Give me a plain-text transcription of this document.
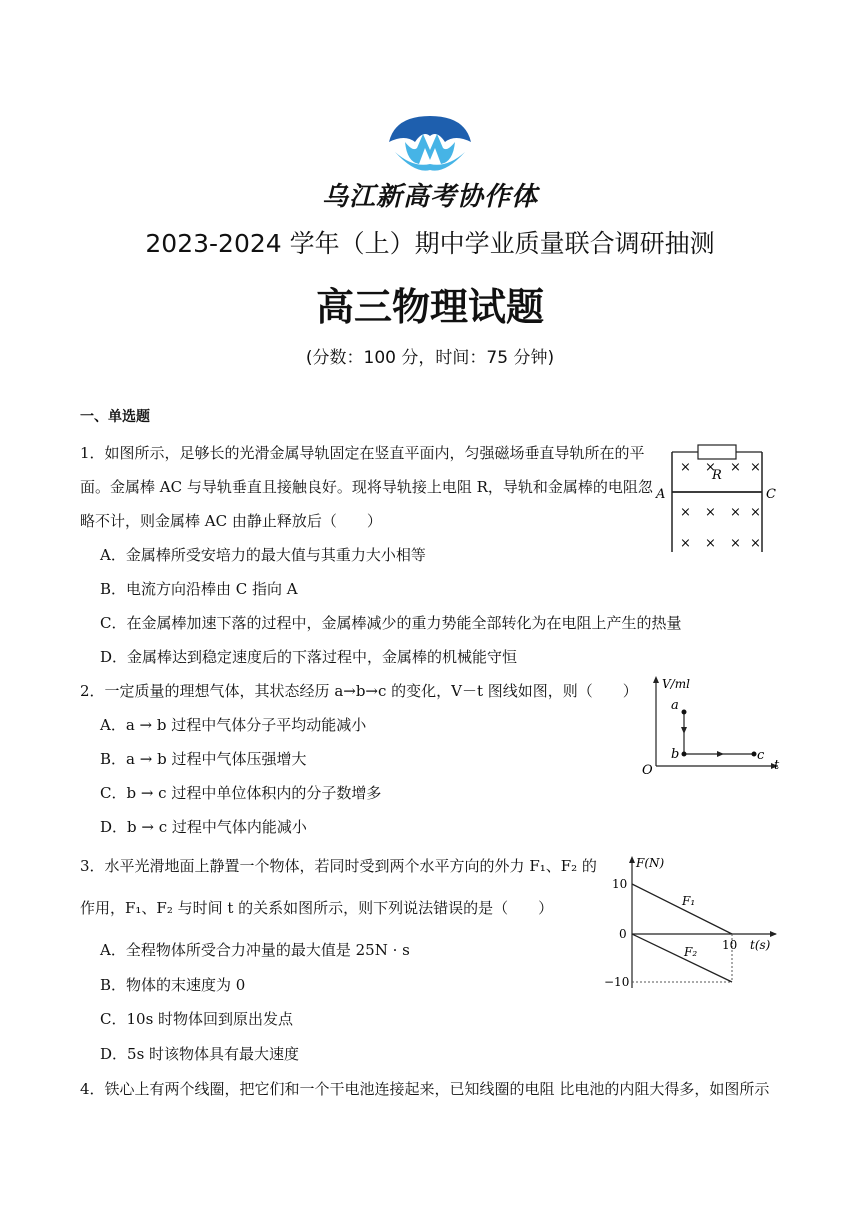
乌江新高考协作体
2023-2024 学年（上）期中学业质量联合调研抽测
高三物理试题
(分数：100 分，时间：75 分钟)
一、单选题
1．如图所示，足够长的光滑金属导轨固定在竖直平面内，匀强磁场垂直导轨所在的平
面。金属棒 AC 与导轨垂直且接触良好。现将导轨接上电阻 R，导轨和金属棒的电阻忽
略不计，则金属棒 AC 由静止释放后（　　）
A．金属棒所受安培力的最大值与其重力大小相等
B．电流方向沿棒由 C 指向 A
C．在金属棒加速下落的过程中，金属棒减少的重力势能全部转化为在电阻上产生的热量
D．金属棒达到稳定速度后的下落过程中，金属棒的机械能守恒
R
A	C
× × × ×
× × × ×
× × × ×
2．一定质量的理想气体，其状态经历 a→b→c 的变化，V－t 图线如图，则（　　）
A．a → b 过程中气体分子平均动能减小
B．a → b 过程中气体压强增大
C．b → c 过程中单位体积内的分子数增多
D．b → c 过程中气体内能减小
V/ml
t
O
a
b	c
3．水平光滑地面上静置一个物体，若同时受到两个水平方向的外力 F₁、F₂ 的
作用，F₁、F₂ 与时间 t 的关系如图所示，则下列说法错误的是（　　）
A．全程物体所受合力冲量的最大值是 25N · s
B．物体的末速度为 0
C．10s 时物体回到原出发点
D．5s 时该物体具有最大速度
F(N)
t(s)
10
0
−10
10
F₁
F₂
4．铁心上有两个线圈，把它们和一个干电池连接起来，已知线圈的电阻 比电池的内阻大得多，如图所示
